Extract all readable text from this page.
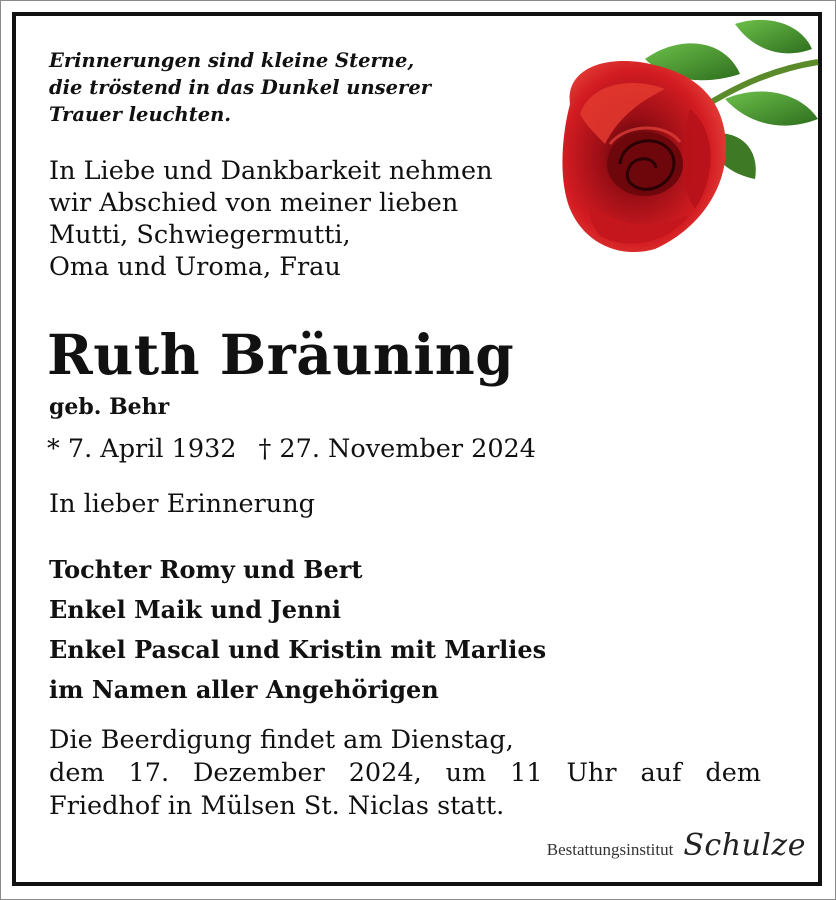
Erinnerungen sind kleine Sterne,
die tröstend in das Dunkel unserer
Trauer leuchten.
In Liebe und Dankbarkeit nehmen
wir Abschied von meiner lieben
Mutti, Schwiegermutti,
Oma und Uroma, Frau
Ruth Bräuning
geb. Behr
* 7. April 1932 † 27. November 2024
In lieber Erinnerung
Tochter Romy und Bert
Enkel Maik und Jenni
Enkel Pascal und Kristin mit Marlies
im Namen aller Angehörigen
Die Beerdigung findet am Dienstag,
dem 17. Dezember 2024, um 11 Uhr auf dem
Friedhof in Mülsen St. Niclas statt.
Bestattungsinstitut Schulze
